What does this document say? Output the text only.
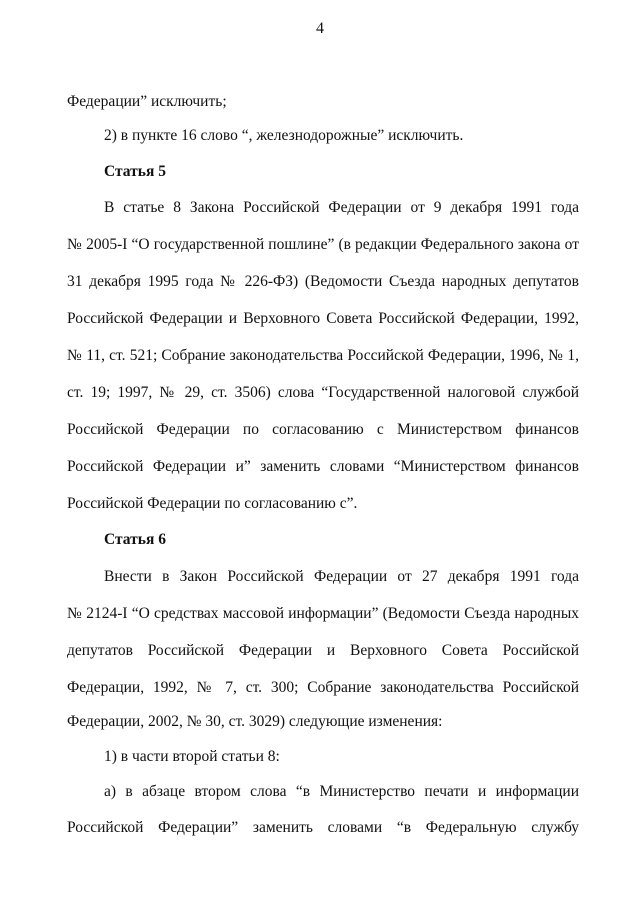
4
Федерации” исключить;
2) в пункте 16 слово “, железнодорожные” исключить.
Статья 5
В статье 8 Закона Российской Федерации от 9 декабря 1991 года
№ 2005-I “О государственной пошлине” (в редакции Федерального закона от
31 декабря 1995 года № 226-ФЗ) (Ведомости Съезда народных депутатов
Российской Федерации и Верховного Совета Российской Федерации, 1992,
№ 11, ст. 521; Собрание законодательства Российской Федерации, 1996, № 1,
ст. 19; 1997, № 29, ст. 3506) слова “Государственной налоговой службой
Российской Федерации по согласованию с Министерством финансов
Российской Федерации и” заменить словами “Министерством финансов
Российской Федерации по согласованию с”.
Статья 6
Внести в Закон Российской Федерации от 27 декабря 1991 года
№ 2124-I “О средствах массовой информации” (Ведомости Съезда народных
депутатов Российской Федерации и Верховного Совета Российской
Федерации, 1992, № 7, ст. 300; Собрание законодательства Российской
Федерации, 2002, № 30, ст. 3029) следующие изменения:
1) в части второй статьи 8:
а) в абзаце втором слова “в Министерство печати и информации
Российской Федерации” заменить словами “в Федеральную службу
